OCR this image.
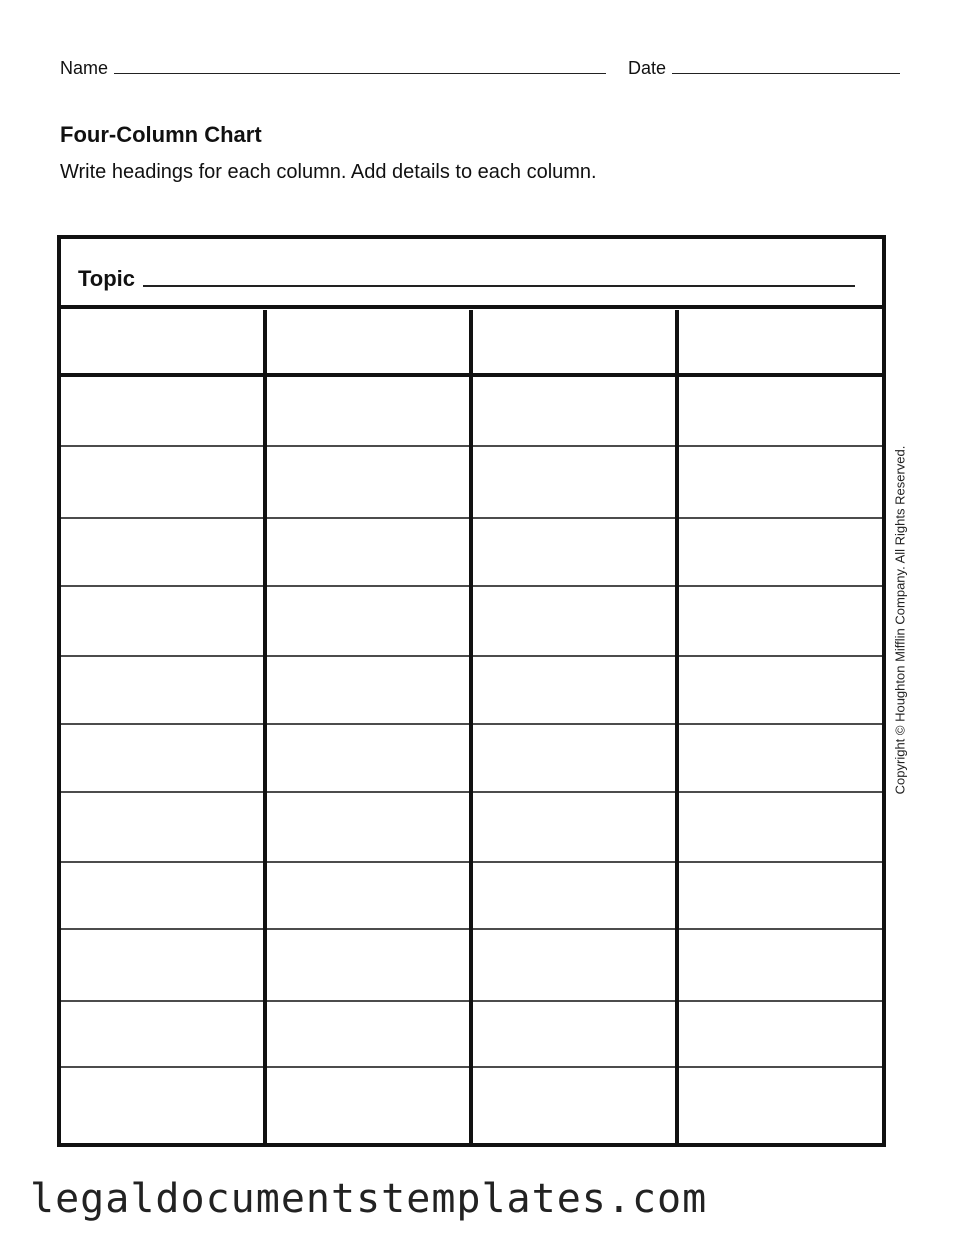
Name	Date
Four-Column Chart
Write headings for each column. Add details to each column.
Topic
Copyright © Houghton Mifflin Company. All Rights Reserved.
legaldocumentstemplates.com
